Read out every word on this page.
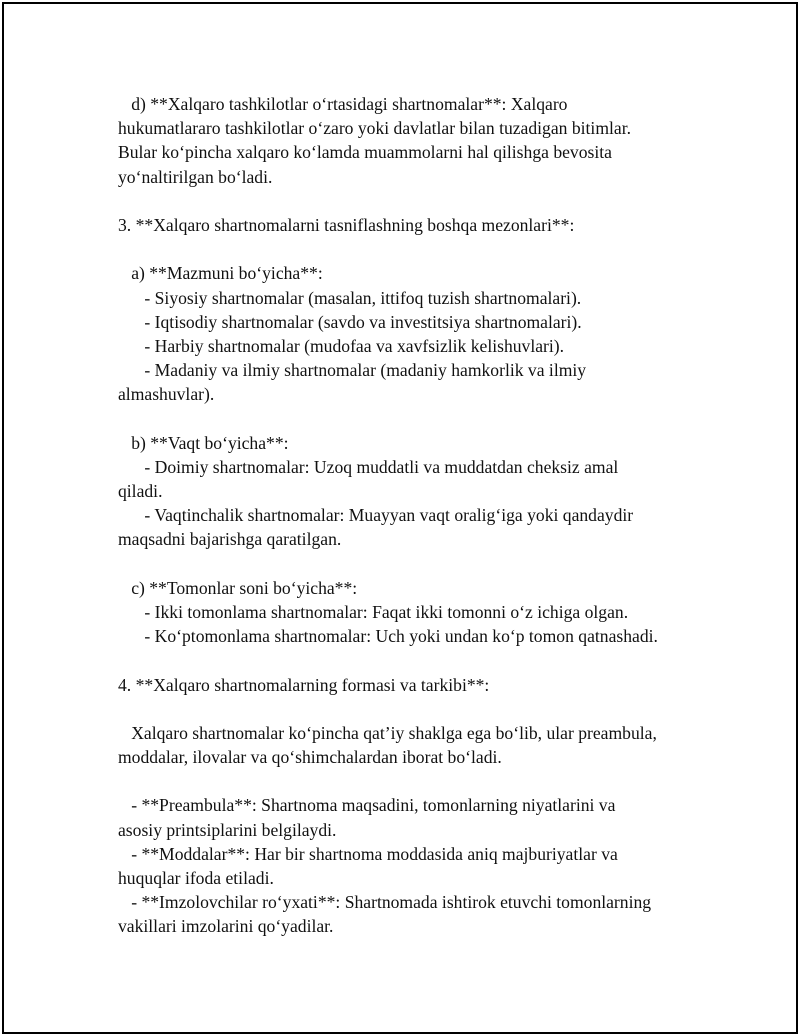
d) **Xalqaro tashkilotlar o‘rtasidagi shartnomalar**: Xalqaro
hukumatlararo tashkilotlar o‘zaro yoki davlatlar bilan tuzadigan bitimlar.
Bular ko‘pincha xalqaro ko‘lamda muammolarni hal qilishga bevosita
yo‘naltirilgan bo‘ladi.
3. **Xalqaro shartnomalarni tasniflashning boshqa mezonlari**:
a) **Mazmuni bo‘yicha**:
- Siyosiy shartnomalar (masalan, ittifoq tuzish shartnomalari).
- Iqtisodiy shartnomalar (savdo va investitsiya shartnomalari).
- Harbiy shartnomalar (mudofaa va xavfsizlik kelishuvlari).
- Madaniy va ilmiy shartnomalar (madaniy hamkorlik va ilmiy
almashuvlar).
b) **Vaqt bo‘yicha**:
- Doimiy shartnomalar: Uzoq muddatli va muddatdan cheksiz amal
qiladi.
- Vaqtinchalik shartnomalar: Muayyan vaqt oralig‘iga yoki qandaydir
maqsadni bajarishga qaratilgan.
c) **Tomonlar soni bo‘yicha**:
- Ikki tomonlama shartnomalar: Faqat ikki tomonni o‘z ichiga olgan.
- Ko‘ptomonlama shartnomalar: Uch yoki undan ko‘p tomon qatnashadi.
4. **Xalqaro shartnomalarning formasi va tarkibi**:
Xalqaro shartnomalar ko‘pincha qat’iy shaklga ega bo‘lib, ular preambula,
moddalar, ilovalar va qo‘shimchalardan iborat bo‘ladi.
- **Preambula**: Shartnoma maqsadini, tomonlarning niyatlarini va
asosiy printsiplarini belgilaydi.
- **Moddalar**: Har bir shartnoma moddasida aniq majburiyatlar va
huquqlar ifoda etiladi.
- **Imzolovchilar ro‘yxati**: Shartnomada ishtirok etuvchi tomonlarning
vakillari imzolarini qo‘yadilar.
